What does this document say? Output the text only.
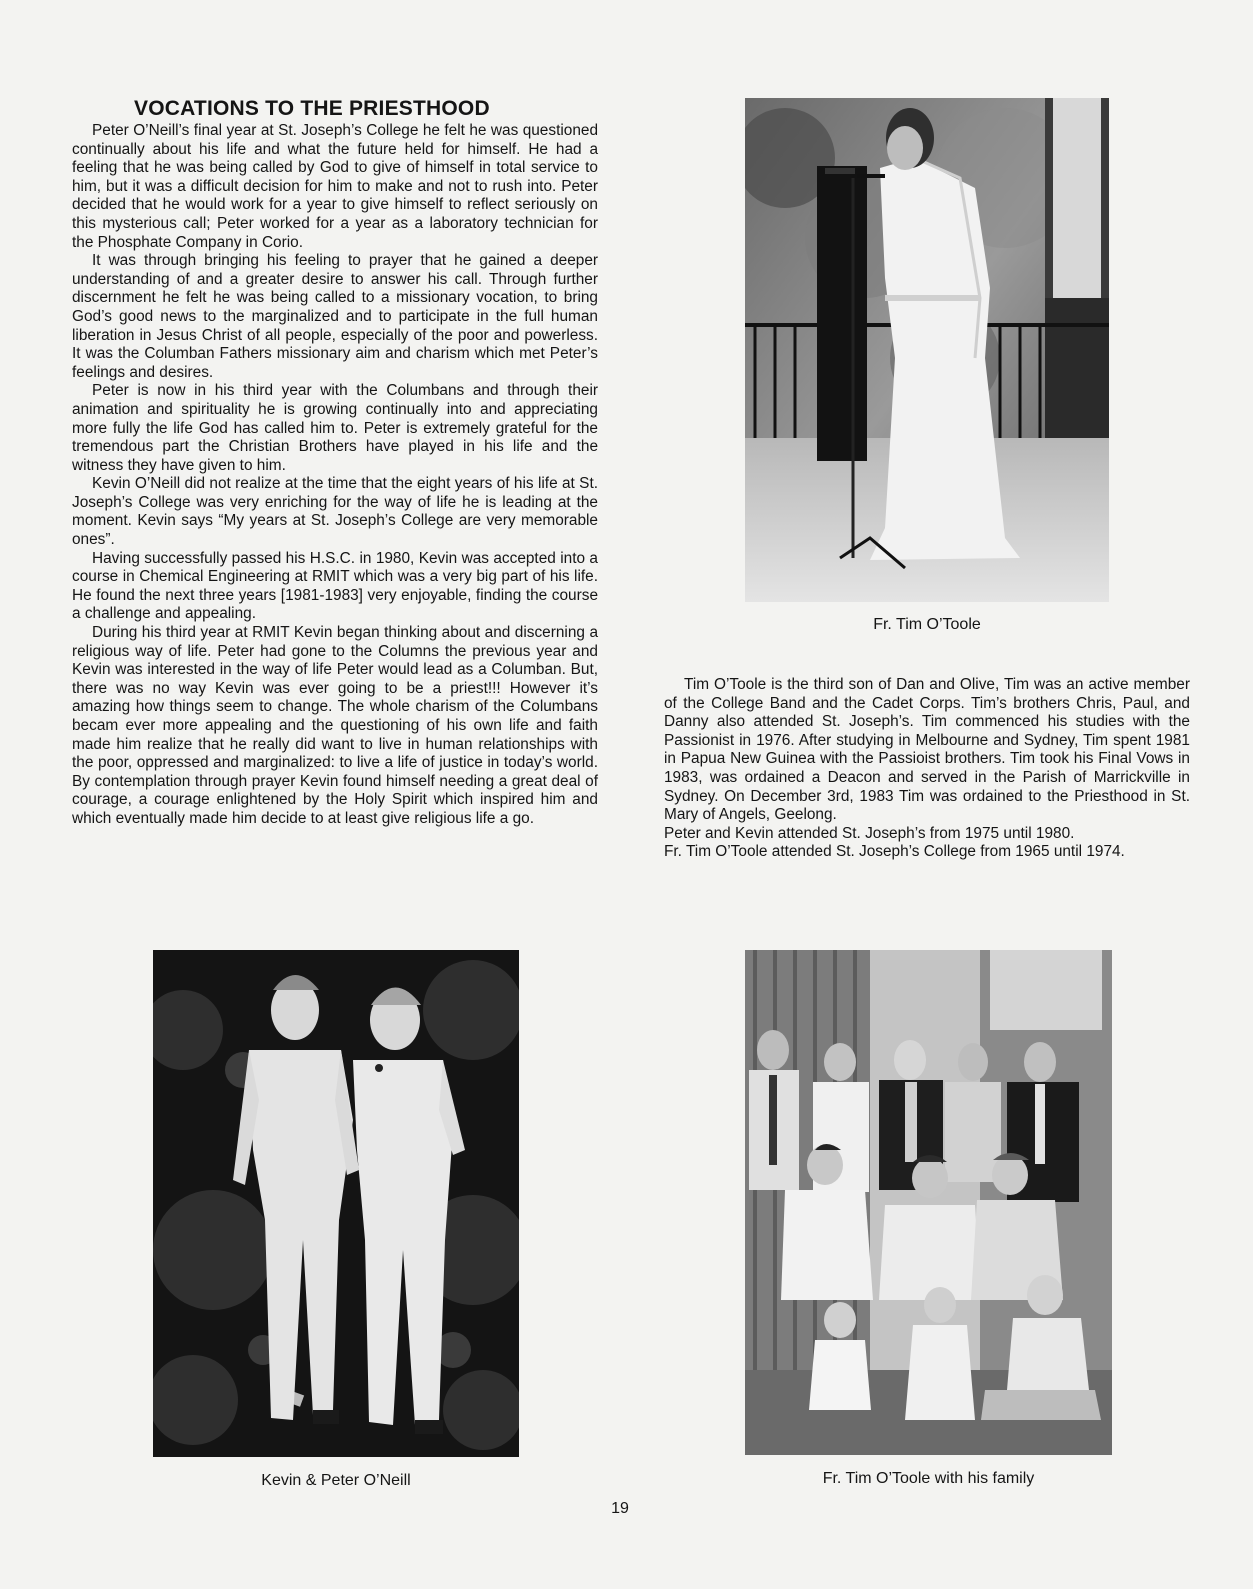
VOCATIONS TO THE PRIESTHOOD

Peter O’Neill’s final year at St. Joseph’s College he felt he was questioned continually about his life and what the future held for himself. He had a feeling that he was being called by God to give of himself in total service to him, but it was a difficult decision for him to make and not to rush into. Peter decided that he would work for a year to give himself to reflect seriously on this mysterious call; Peter worked for a year as a laboratory technician for the Phosphate Company in Corio.

It was through bringing his feeling to prayer that he gained a deeper understanding of and a greater desire to answer his call. Through further discernment he felt he was being called to a missionary vocation, to bring God’s good news to the marginalized and to participate in the full human liberation in Jesus Christ of all people, especially of the poor and powerless. It was the Columban Fathers missionary aim and charism which met Peter’s feelings and desires.

Peter is now in his third year with the Columbans and through their animation and spirituality he is growing continually into and appreciating more fully the life God has called him to. Peter is extremely grateful for the tremendous part the Christian Brothers have played in his life and the witness they have given to him.

Kevin O’Neill did not realize at the time that the eight years of his life at St. Joseph’s College was very enriching for the way of life he is leading at the moment. Kevin says “My years at St. Joseph’s College are very memorable ones”.

Having successfully passed his H.S.C. in 1980, Kevin was accepted into a course in Chemical Engineering at RMIT which was a very big part of his life. He found the next three years [1981-1983] very enjoyable, finding the course a challenge and appealing.

During his third year at RMIT Kevin began thinking about and discerning a religious way of life. Peter had gone to the Columns the previous year and Kevin was interested in the way of life Peter would lead as a Columban. But, there was no way Kevin was ever going to be a priest!!! However it’s amazing how things seem to change. The whole charism of the Columbans becam ever more appealing and the questioning of his own life and faith made him realize that he really did want to live in human relationships with the poor, oppressed and marginalized: to live a life of justice in today’s world. By contemplation through prayer Kevin found himself needing a great deal of courage, a courage enlightened by the Holy Spirit which inspired him and which eventually made him decide to at least give religious life a go.

Fr. Tim O’Toole

Tim O’Toole is the third son of Dan and Olive, Tim was an active member of the College Band and the Cadet Corps. Tim’s brothers Chris, Paul, and Danny also attended St. Joseph’s. Tim commenced his studies with the Passionist in 1976. After studying in Melbourne and Sydney, Tim spent 1981 in Papua New Guinea with the Passioist brothers. Tim took his Final Vows in 1983, was ordained a Deacon and served in the Parish of Marrickville in Sydney. On December 3rd, 1983 Tim was ordained to the Priesthood in St. Mary of Angels, Geelong.

Peter and Kevin attended St. Joseph’s from 1975 until 1980.

Fr. Tim O’Toole attended St. Joseph’s College from 1965 until 1974.

Kevin & Peter O’Neill	Fr. Tim O’Toole with his family
19
